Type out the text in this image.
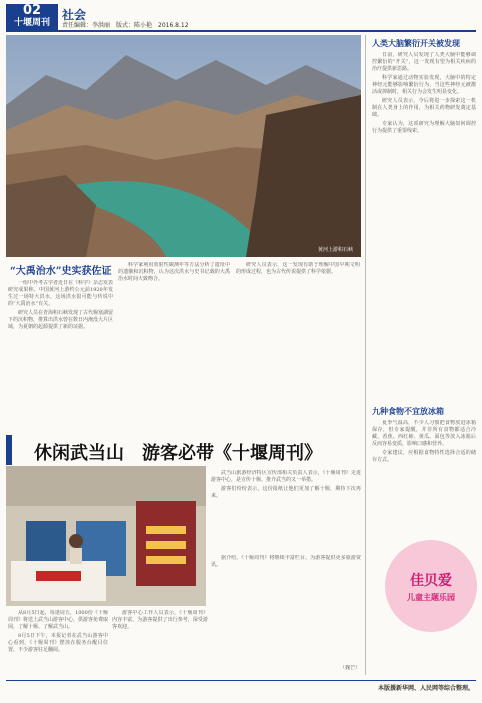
02
十堰周刊
社会
责任编辑：李洪丽　版式：陈小艳　2016.8.12
黄河上游积石峡
“大禹治水”史实获佐证

一组中外考古学者近日在《科学》杂志发表研究成果称，中国黄河上游约公元前1920年发生过一场特大洪水，这场洪水很可能与传说中的“大禹治水”有关。

研究人员在青海积石峡发现了古代堰塞湖留下的沉积物，推算出洪水曾在数日内淹没大片区域，为夏朝的起源提供了新的证据。

科学家利用放射性碳测年等方法分析了遗址中的遗骸和沉积物，认为这次洪水与史书记载的大禹治水时间大致吻合。

研究人员表示，这一发现有助于理解中国早期文明的形成过程，也为古代传说提供了科学依据。

人类大脑繁衍开关被发现

日前，研究人员发现了人类大脑中能够调控繁衍的“开关”，这一发现有望为相关疾病的治疗提供新思路。

科学家通过动物实验发现，大脑中的特定神经元能够影响繁衍行为，当这些神经元被激活或抑制时，相关行为会发生明显变化。

研究人员表示，今后将进一步探索这一机制在人类身上的作用，为相关药物研发奠定基础。

专家认为，这项研究为理解大脑如何调控行为提供了重要线索。

九种食物不宜放冰箱

夏季气温高，不少人习惯把食物放进冰箱保存，但专家提醒，并非所有食物都适合冷藏，香蕉、西红柿、黄瓜、面包等放入冰箱后反而容易变质，影响口感和营养。

专家建议，应根据食物特性选择合适的储存方式。

休闲武当山　游客必带《十堰周刊》

武当山旅游经济特区宣传部相关负责人表示，《十堰周刊》走进游客中心，是宣传十堰、推介武当的又一举措。

游客们纷纷表示，这份报纸让他们更加了解十堰，期待下次再来。

从8月5日起，每逢周五，1000份《十堰周刊》将送上武当山游客中心，供游客免费取阅，了解十堰、了解武当山。

8月5日下午，本报记者在武当山游客中心看到，《十堰周刊》摆放在服务台醒目位置，不少游客驻足翻阅。

游客中心工作人员表示，《十堰周刊》内容丰富，为游客提供了出行参考，深受游客欢迎。

据介绍，《十堰周刊》将继续丰富栏目，为游客提供更多旅游资讯。

（魏芒）
佳贝爱
儿童主题乐园
本版援新华网、人民网等综合整理。
